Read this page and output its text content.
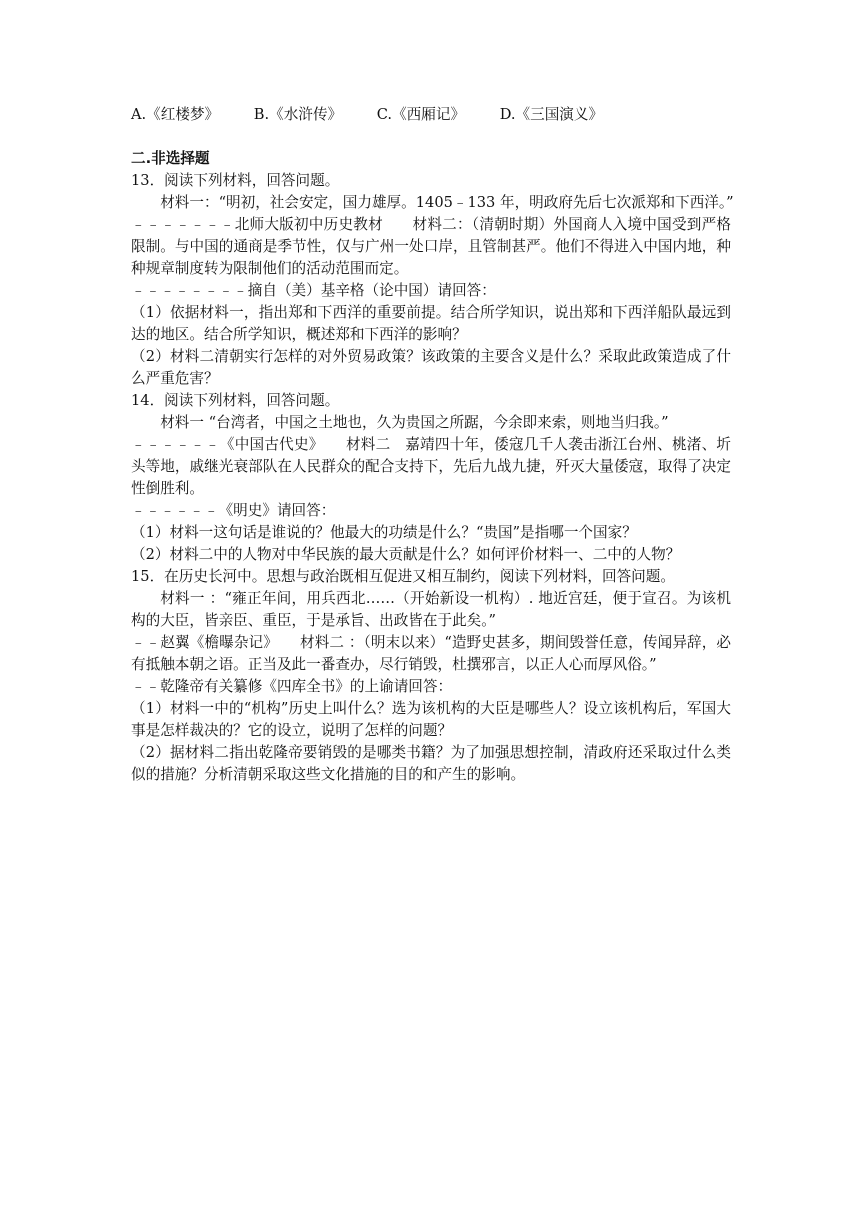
A.《红楼梦》 B.《水浒传》 C.《西厢记》 D.《三国演义》
二.非选择题
13．阅读下列材料，回答问题。
材料一：“明初，社会安定，国力雄厚。1405﹣133 年，明政府先后七次派郑和下西洋。”
﹣﹣﹣﹣﹣﹣﹣北师大版初中历史教材　　材料二：（清朝时期）外国商人入境中国受到严格限制。与中国的通商是季节性，仅与广州一处口岸，且管制甚严。他们不得进入中国内地，种种规章制度转为限制他们的活动范围而定。
﹣﹣﹣﹣﹣﹣﹣﹣摘自（美）基辛格（论中国）请回答：
（1）依据材料一，指出郑和下西洋的重要前提。结合所学知识，说出郑和下西洋船队最远到达的地区。结合所学知识，概述郑和下西洋的影响？
（2）材料二清朝实行怎样的对外贸易政策？该政策的主要含义是什么？采取此政策造成了什么严重危害？
14．阅读下列材料，回答问题。
材料一 “台湾者，中国之土地也，久为贵国之所踞，今余即来索，则地当归我。”
﹣﹣﹣﹣﹣﹣《中国古代史》　　材料二　嘉靖四十年，倭寇几千人袭击浙江台州、桃渚、圻头等地，戚继光衰部队在人民群众的配合支持下，先后九战九捷，歼灭大量倭寇，取得了决定性倒胜利。
﹣﹣﹣﹣﹣﹣《明史》请回答：
（1）材料一这句话是谁说的？他最大的功绩是什么？“贵国”是指哪一个国家？
（2）材料二中的人物对中华民族的最大贡献是什么？如何评价材料一、二中的人物？
15．在历史长河中。思想与政治既相互促进又相互制约，阅读下列材料，回答问题。
材料一 ：“雍正年间，用兵西北……（开始新设一机构）. 地近宫廷，便于宣召。为该机构的大臣，皆亲臣、重臣，于是承旨、出政皆在于此矣。”
﹣﹣赵翼《檐曝杂记》　　材料二 ：（明末以来）“造野史甚多，期间毁誉任意，传闻异辞，必有抵触本朝之语。正当及此一番查办，尽行销毁，杜撰邪言，以正人心而厚风俗。”
﹣﹣乾隆帝有关纂修《四库全书》的上谕请回答：
（1）材料一中的“机构”历史上叫什么？选为该机构的大臣是哪些人？设立该机构后，军国大事是怎样裁决的？它的设立，说明了怎样的问题？
（2）据材料二指出乾隆帝要销毁的是哪类书籍？为了加强思想控制，清政府还采取过什么类似的措施？分析清朝采取这些文化措施的目的和产生的影响。
